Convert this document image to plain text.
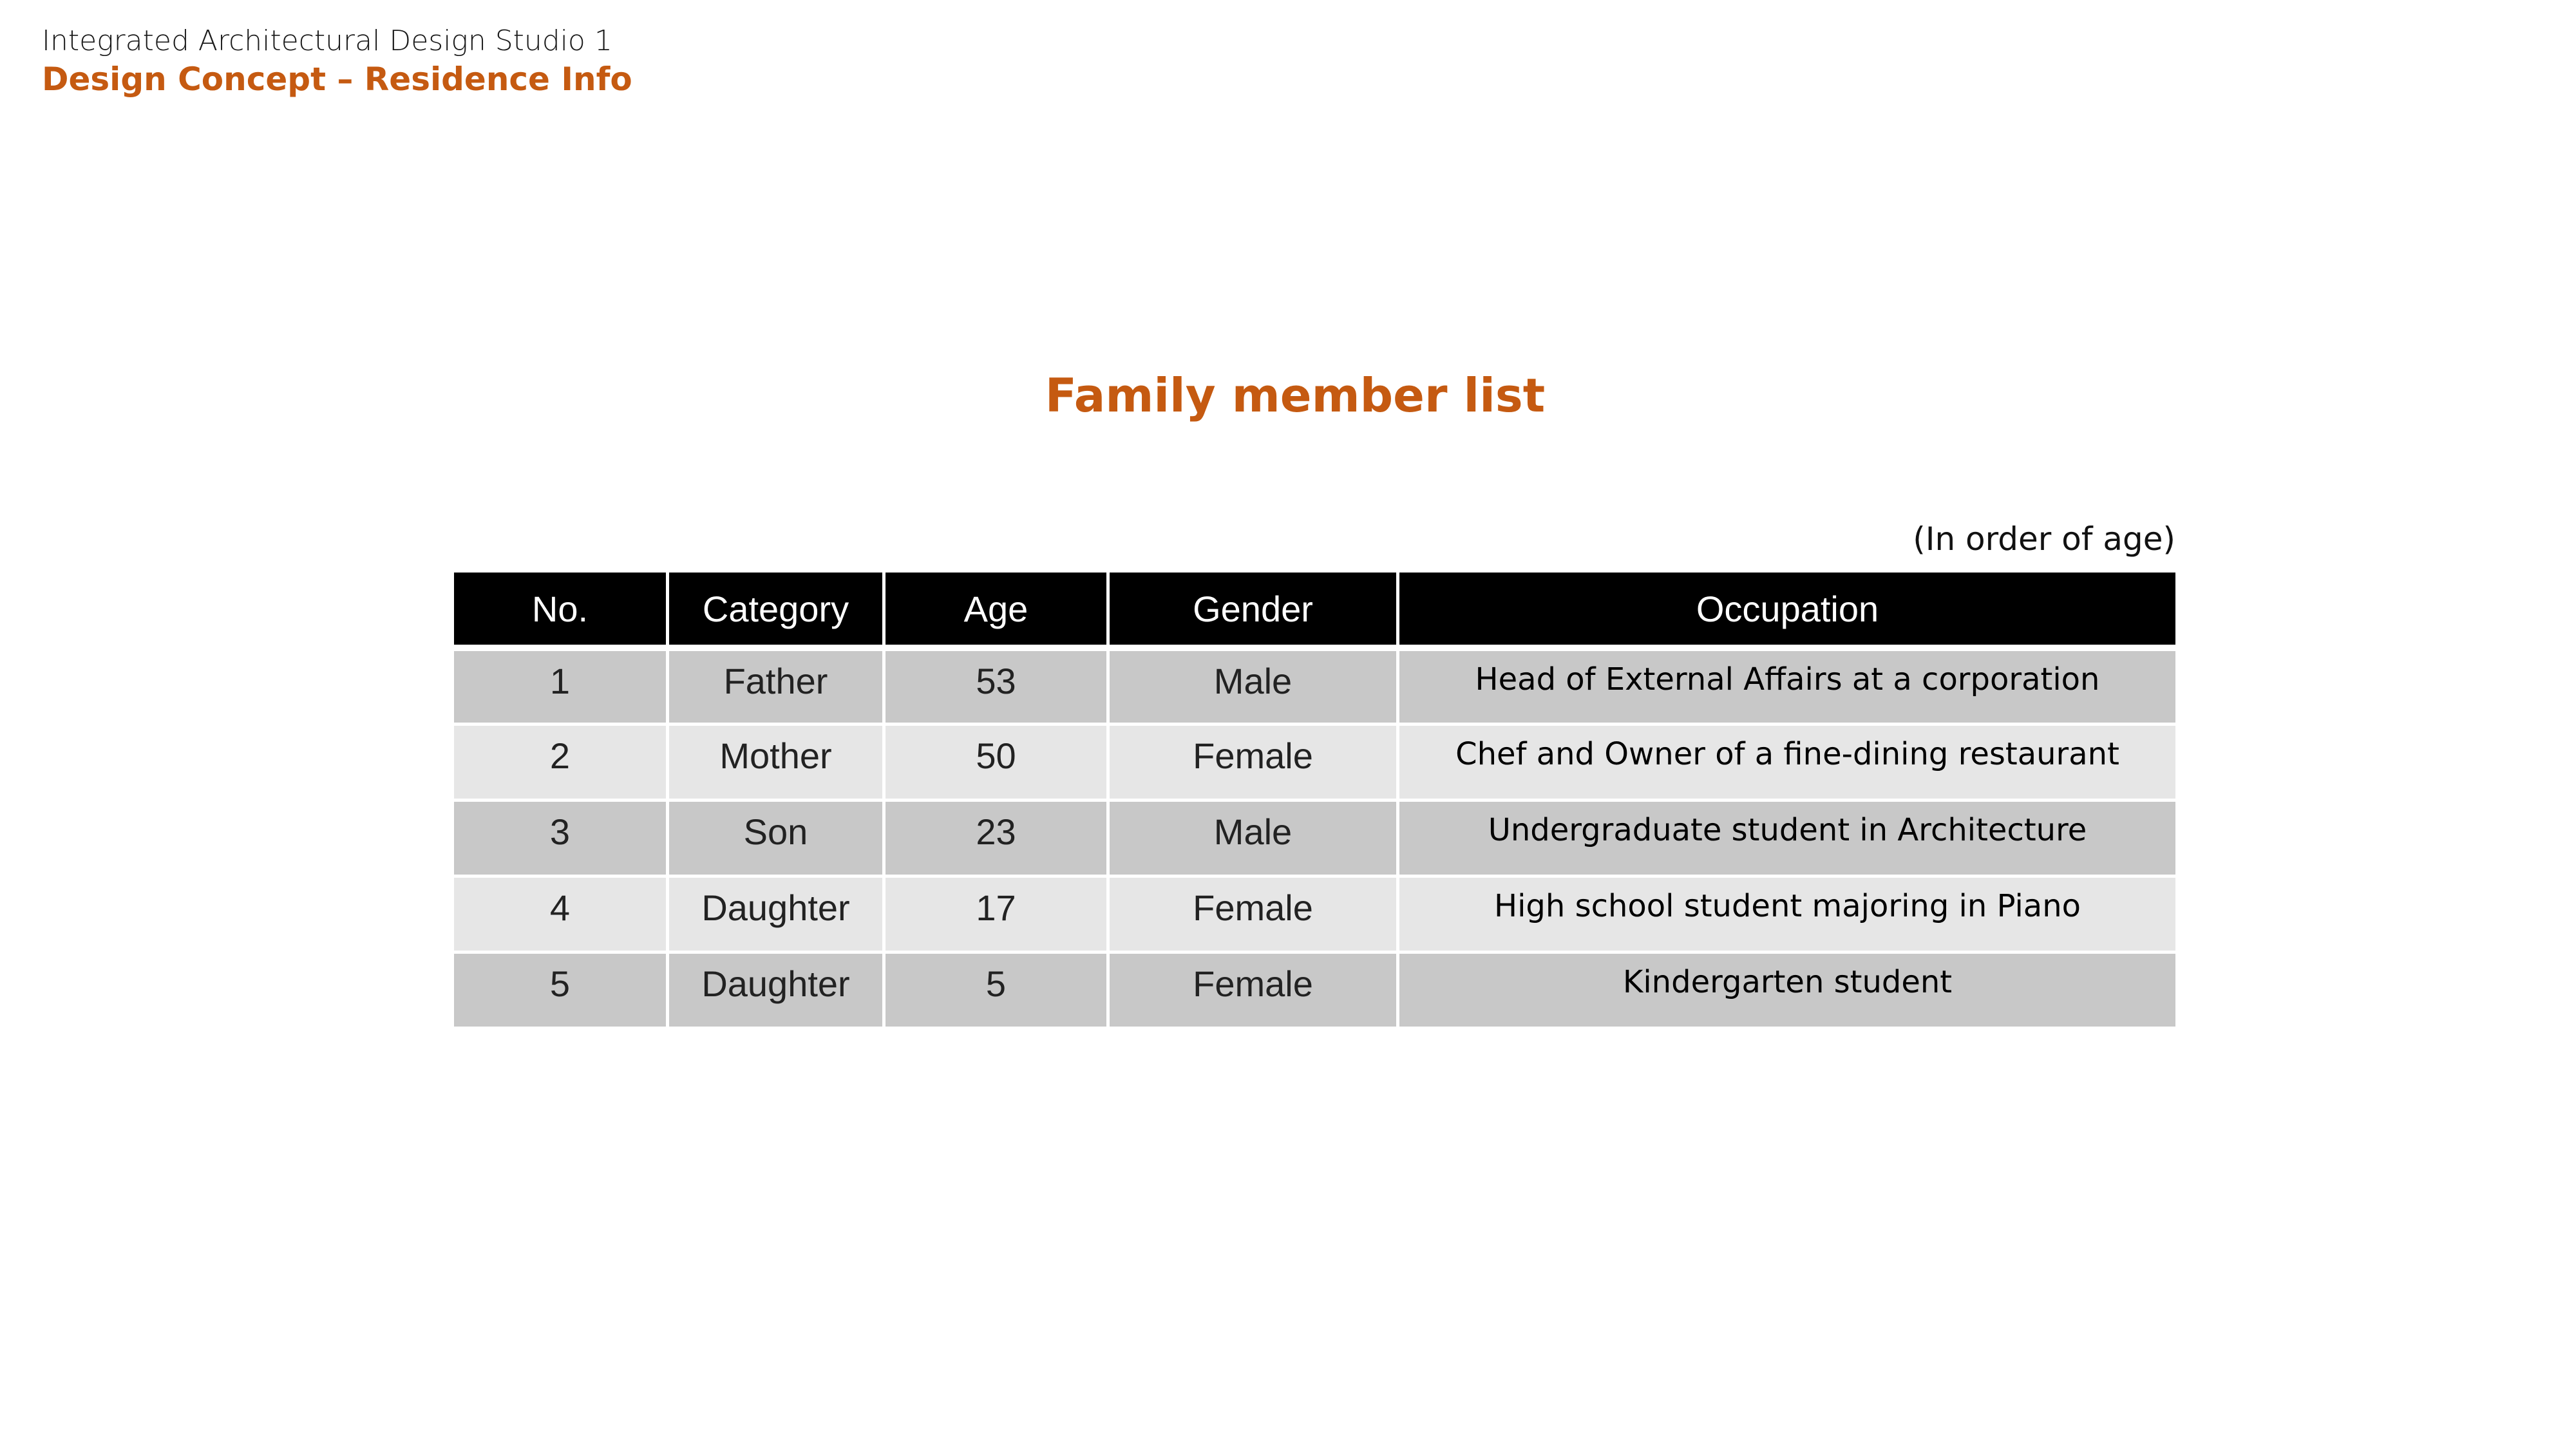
Integrated Architectural Design Studio 1
Design Concept – Residence Info
Family member list
(In order of age)
No.	Category	Age	Gender	Occupation
1	Father	53	Male	Head of External Affairs at a corporation
2	Mother	50	Female	Chef and Owner of a fine-dining restaurant
3	Son	23	Male	Undergraduate student in Architecture
4	Daughter	17	Female	High school student majoring in Piano
5	Daughter	5	Female	Kindergarten student
